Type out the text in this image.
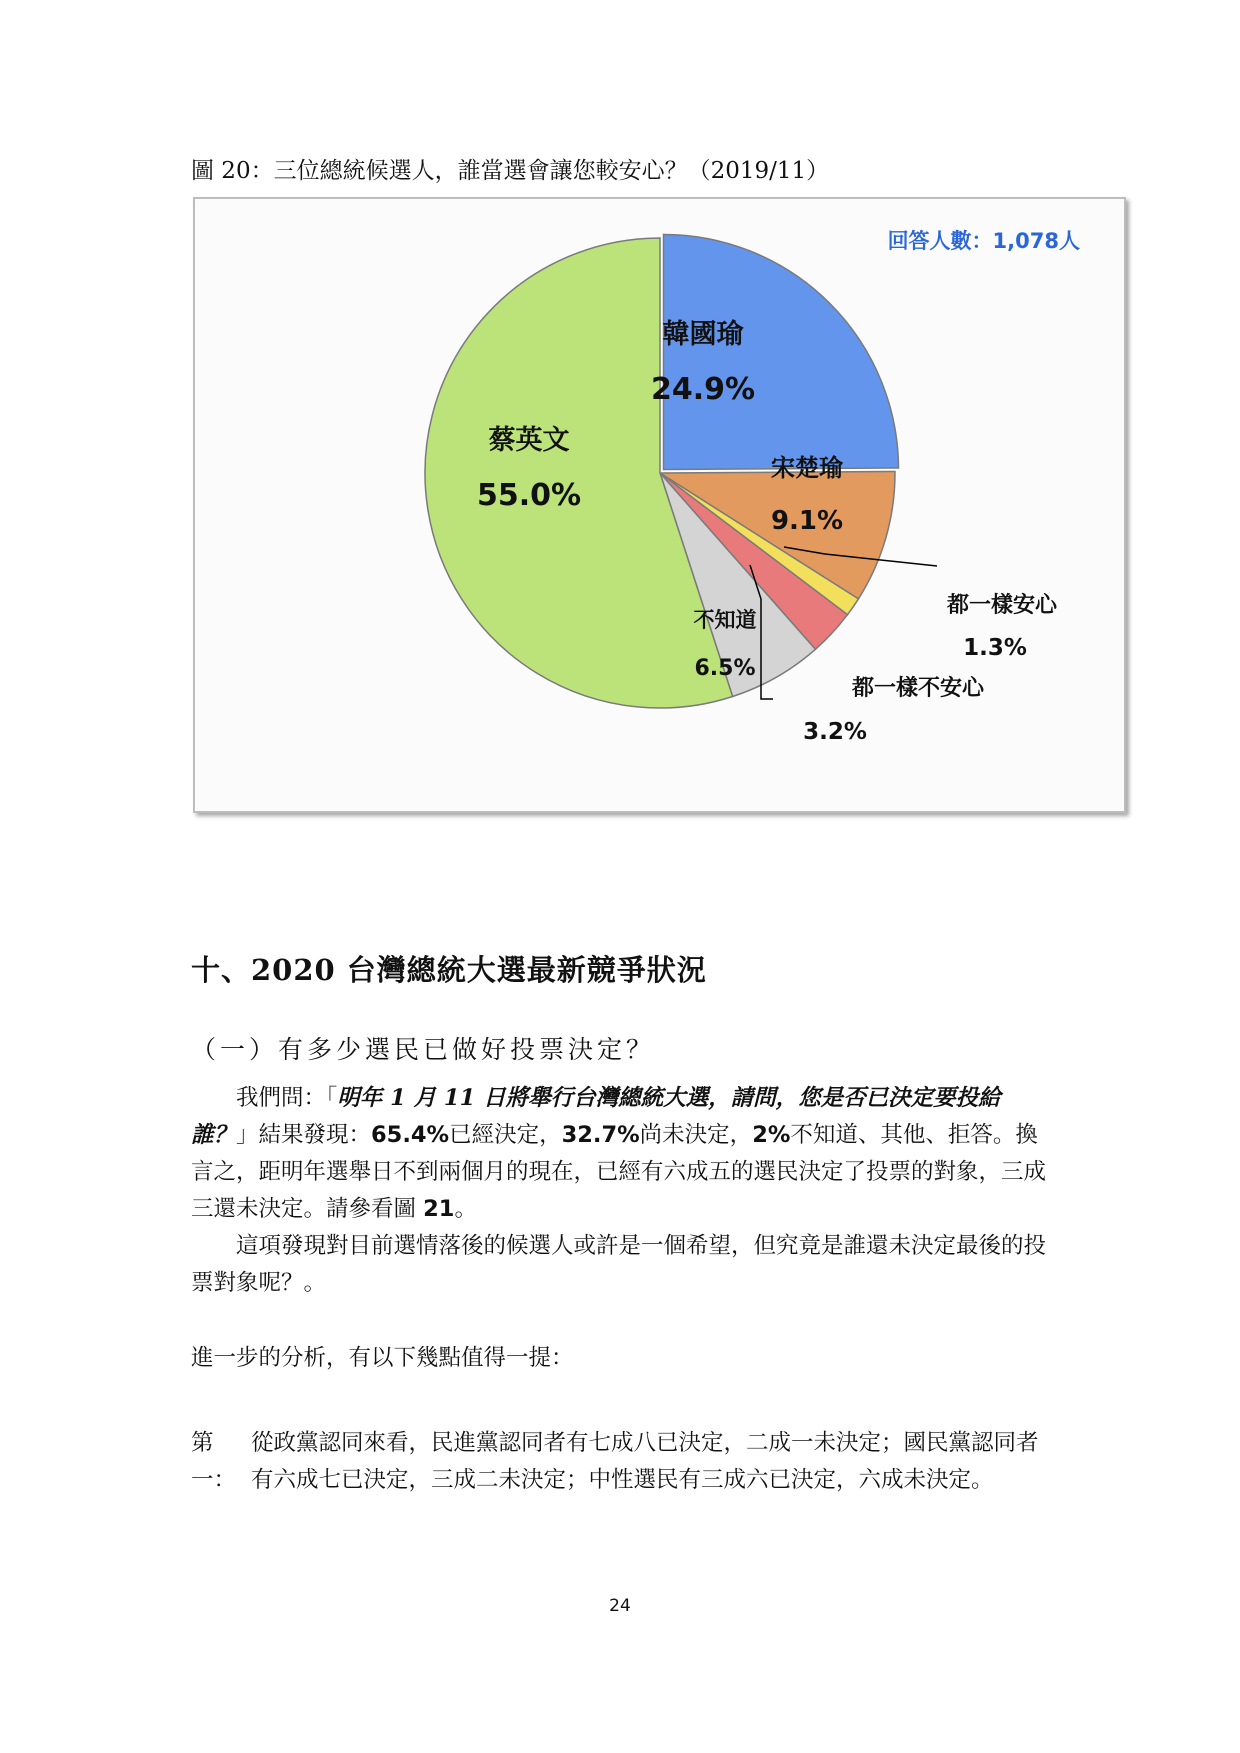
圖 20：三位總統候選人，誰當選會讓您較安心？（2019/11）
回答人數：1,078人
韓國瑜
24.9%
宋楚瑜
9.1%
都一樣安心
1.3%
都一樣不安心
3.2%
不知道
6.5%
蔡英文
55.0%
十、2020 台灣總統大選最新競爭狀況
（一）有多少選民已做好投票決定？

我們問：「明年 1 月 11 日將舉行台灣總統大選，請問，您是否已決定要投給誰？」結果發現：65.4%已經決定，32.7%尚未決定，2%不知道、其他、拒答。換言之，距明年選舉日不到兩個月的現在，已經有六成五的選民決定了投票的對象，三成三還未決定。請參看圖 21。

這項發現對目前選情落後的候選人或許是一個希望，但究竟是誰還未決定最後的投票對象呢？。

進一步的分析，有以下幾點值得一提：

第一：
從政黨認同來看，民進黨認同者有七成八已決定，二成一未決定；國民黨認同者有六成七已決定，三成二未決定；中性選民有三成六已決定，六成未決定。
24
